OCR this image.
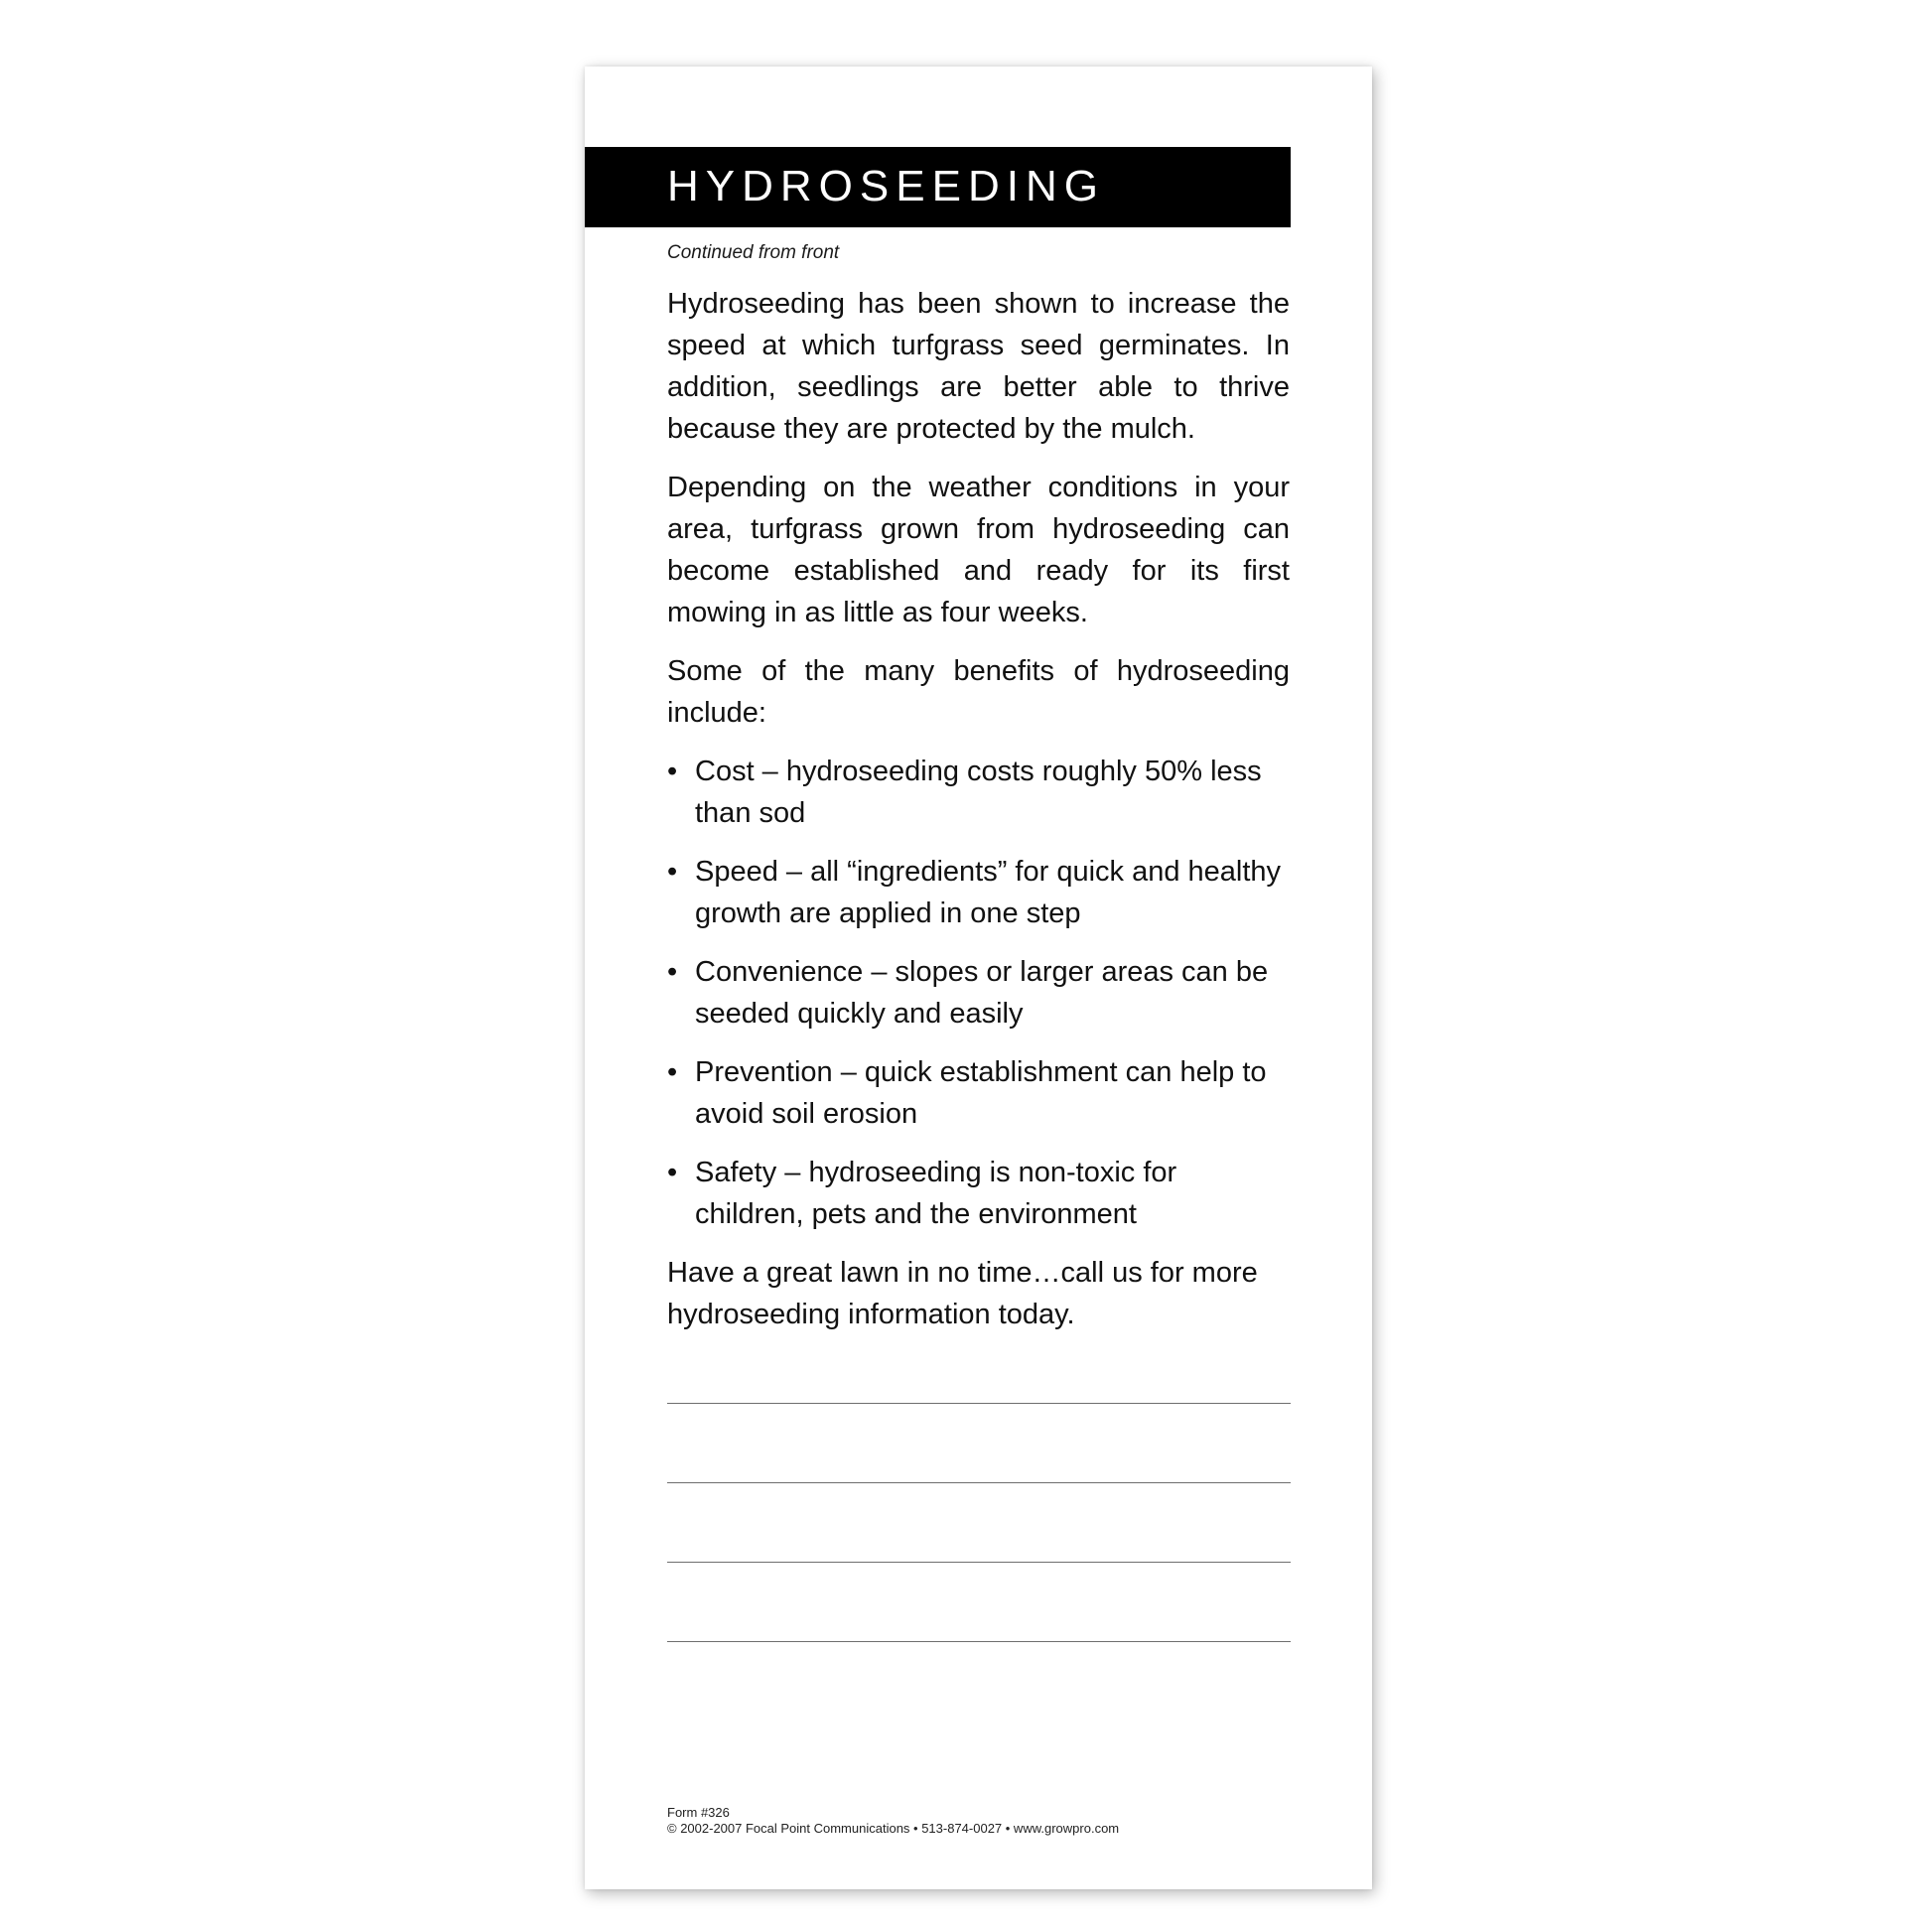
HYDROSEEDING

Continued from front

Hydroseeding has been shown to increase the speed at which turfgrass seed germinates. In addition, seedlings are better able to thrive because they are protected by the mulch.

Depending on the weather conditions in your area, turfgrass grown from hydroseeding can become established and ready for its first mowing in as little as four weeks.

Some of the many benefits of hydroseeding include:

• Cost – hydroseeding costs roughly 50% less than sod
• Speed – all “ingredients” for quick and healthy growth are applied in one step
• Convenience – slopes or larger areas can be seeded quickly and easily
• Prevention – quick establishment can help to avoid soil erosion
• Safety – hydroseeding is non-toxic for children, pets and the environment

Have a great lawn in no time…call us for more hydroseeding information today.

Form #326
© 2002-2007 Focal Point Communications • 513-874-0027 • www.growpro.com
